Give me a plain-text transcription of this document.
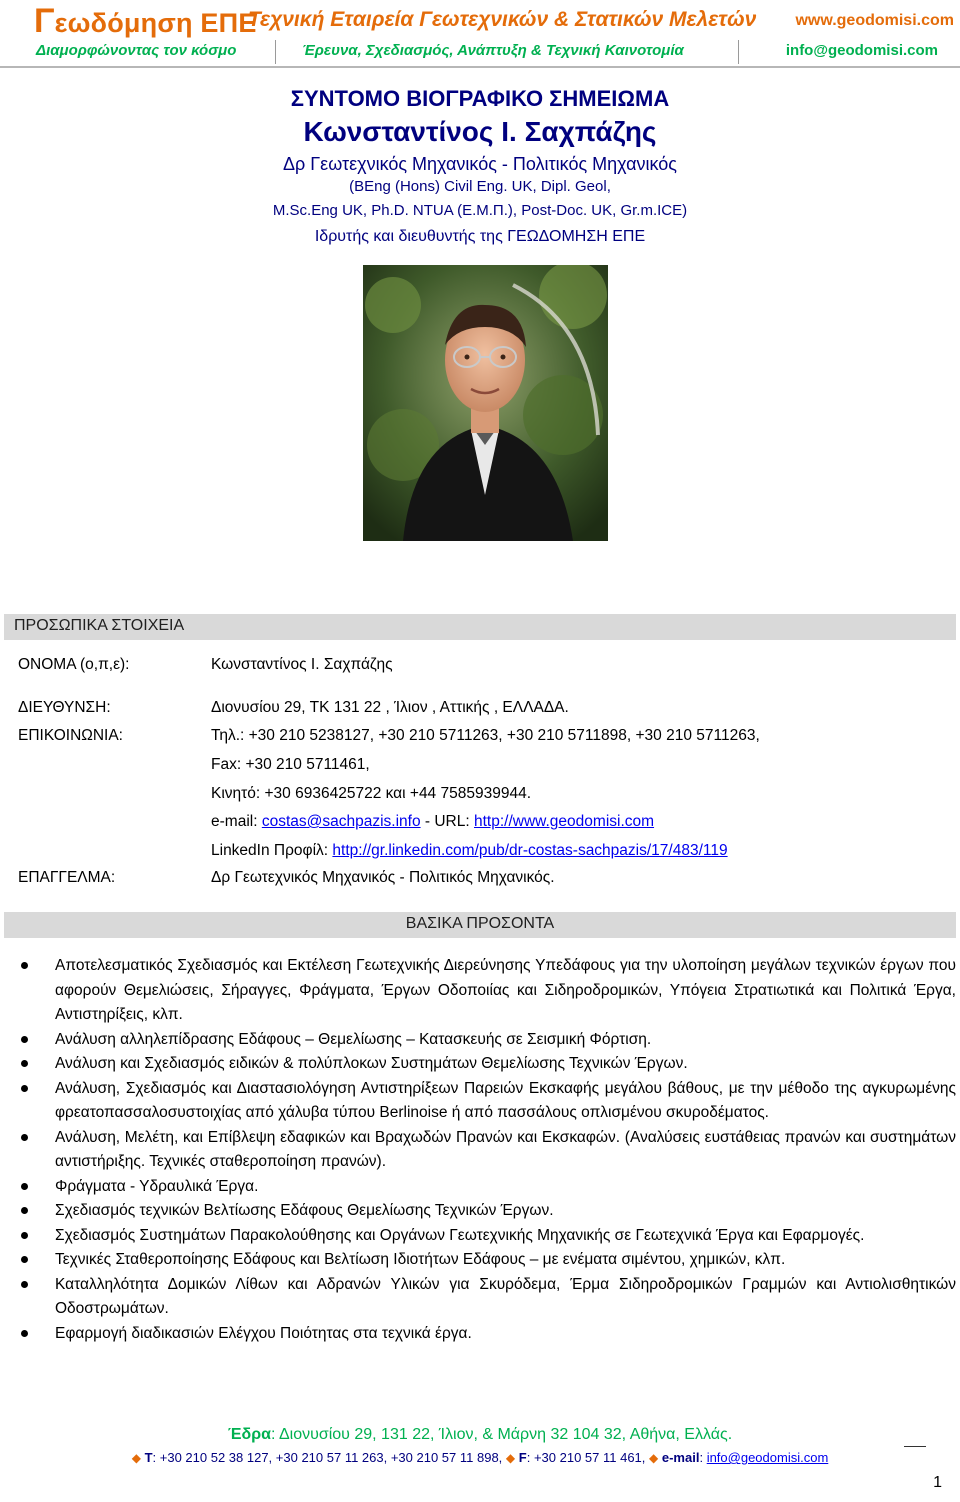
Γεωδόμηση ΕΠΕ
Τεχνική Εταιρεία Γεωτεχνικών & Στατικών Μελετών www.geodomisi.com
Διαμορφώνοντας τον κόσμο	Έρευνα, Σχεδιασμός, Ανάπτυξη & Τεχνική Καινοτομία	info@geodomisi.com
ΣΥΝΤΟΜΟ ΒΙΟΓΡΑΦΙΚΟ ΣΗΜΕΙΩΜΑ
Κωνσταντίνος Ι. Σαχπάζης
Δρ Γεωτεχνικός Μηχανικός - Πολιτικός Μηχανικός
(BEng (Hons) Civil Eng. UK, Dipl. Geol,
M.Sc.Eng UK, Ph.D. NTUA (Ε.Μ.Π.), Post-Doc. UK, Gr.m.ICE)
Ιδρυτής και διευθυντής της ΓΕΩΔΟΜΗΣΗ ΕΠΕ
ΠΡΟΣΩΠΙΚΑ ΣΤΟΙΧΕΙΑ
ΟΝΟΜΑ (ο,π,ε):	Κωνσταντίνος Ι. Σαχπάζης
ΔΙΕΥΘΥΝΣΗ:	Διονυσίου 29, ΤΚ 131 22 , Ίλιον , Αττικής , ΕΛΛΑΔΑ.
ΕΠΙΚΟΙΝΩΝΙΑ:	Τηλ.: +30 210 5238127, +30 210 5711263, +30 210 5711898, +30 210 5711263,
Fax: +30 210 5711461,
Κινητό: +30 6936425722 και +44 7585939944.
e-mail: costas@sachpazis.info - URL: http://www.geodomisi.com
LinkedIn Προφίλ: http://gr.linkedin.com/pub/dr-costas-sachpazis/17/483/119
ΕΠΑΓΓΕΛΜΑ:	Δρ Γεωτεχνικός Μηχανικός - Πολιτικός Μηχανικός.
ΒΑΣΙΚΑ ΠΡΟΣΟΝΤΑ
Αποτελεσματικός Σχεδιασμός και Εκτέλεση Γεωτεχνικής Διερεύνησης Υπεδάφους για την υλοποίηση μεγάλων τεχνικών έργων που αφορούν Θεμελιώσεις, Σήραγγες, Φράγματα, Έργων Οδοποιίας και Σιδηροδρομικών, Υπόγεια Στρατιωτικά και Πολιτικά Έργα, Αντιστηρίξεις, κλπ.
Ανάλυση αλληλεπίδρασης Εδάφους – Θεμελίωσης – Κατασκευής σε Σεισμική Φόρτιση.
Ανάλυση και Σχεδιασμός ειδικών & πολύπλοκων Συστημάτων Θεμελίωσης Τεχνικών Έργων.
Ανάλυση, Σχεδιασμός και Διαστασιολόγηση Αντιστηρίξεων Παρειών Εκσκαφής μεγάλου βάθους, με την μέθοδο της αγκυρωμένης φρεατοπασσαλοσυστοιχίας από χάλυβα τύπου Berlinoise ή από πασσάλους οπλισμένου σκυροδέματος.
Ανάλυση, Μελέτη, και Επίβλεψη εδαφικών και Βραχωδών Πρανών και Εκσκαφών. (Αναλύσεις ευστάθειας πρανών και συστημάτων αντιστήριξης. Τεχνικές σταθεροποίηση πρανών).
Φράγματα - Υδραυλικά Έργα.
Σχεδιασμός τεχνικών Βελτίωσης Εδάφους Θεμελίωσης Τεχνικών Έργων.
Σχεδιασμός Συστημάτων Παρακολούθησης και Οργάνων Γεωτεχνικής Μηχανικής σε Γεωτεχνικά Έργα και Εφαρμογές.
Τεχνικές Σταθεροποίησης Εδάφους και Βελτίωση Ιδιοτήτων Εδάφους – με ενέματα σιμέντου, χημικών, κλπ.
Καταλληλότητα Δομικών Λίθων και Αδρανών Υλικών για Σκυρόδεμα, Έρμα Σιδηροδρομικών Γραμμών και Αντιολισθητικών Οδοστρωμάτων.
Εφαρμογή διαδικασιών Ελέγχου Ποιότητας στα τεχνικά έργα.
Έδρα: Διονυσίου 29, 131 22, Ίλιον, & Μάρνη 32 104 32, Αθήνα, Ελλάς.
◆ T: +30 210 52 38 127, +30 210 57 11 263, +30 210 57 11 898, ◆ F: +30 210 57 11 461, ◆ e-mail: info@geodomisi.com
1
